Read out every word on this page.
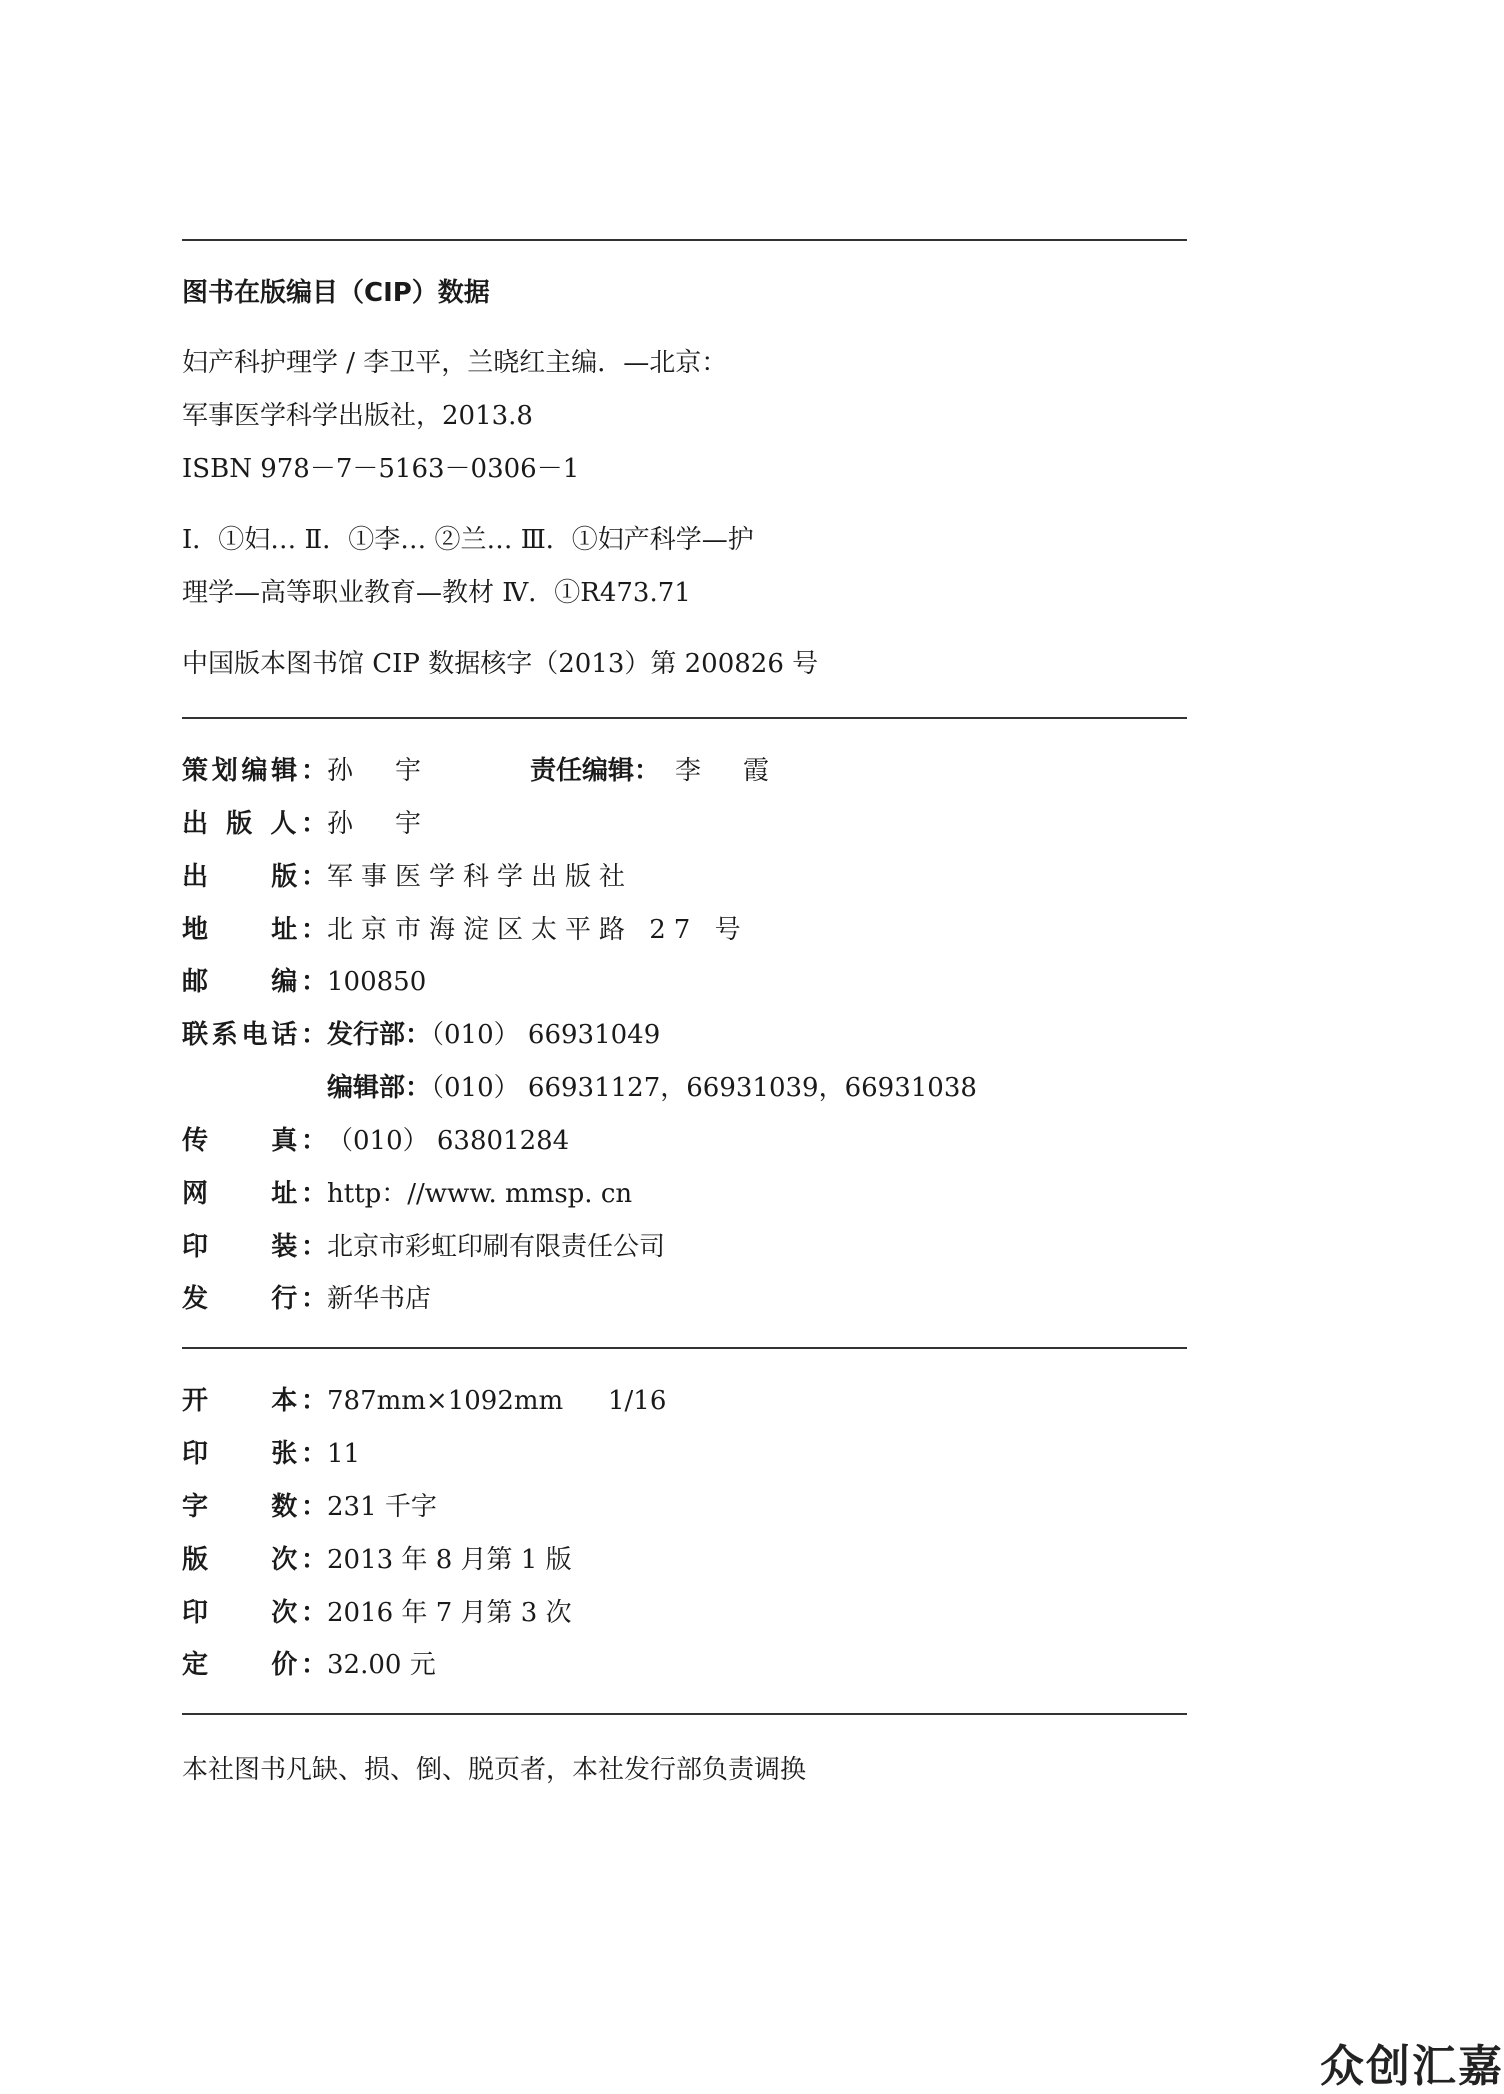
图书在版编目（CIP）数据
妇产科护理学 / 李卫平，兰晓红主编．—北京：
军事医学科学出版社，2013.8
ISBN 978－7－5163－0306－1
Ⅰ．①妇… Ⅱ．①李… ②兰… Ⅲ．①妇产科学—护
理学—高等职业教育—教材 Ⅳ．①R473.71
中国版本图书馆 CIP 数据核字（2013）第 200826 号
策划编辑： 孙　宇	责任编辑： 李　霞
出 版 人： 孙　宇
出　　版： 军事医学科学出版社
地　　址： 北京市海淀区太平路 27 号
邮　　编： 100850
联系电话： 发行部：（010） 66931049
编辑部：（010） 66931127，66931039，66931038
传　　真： （010） 63801284
网　　址： http：//www. mmsp. cn
印　　装： 北京市彩虹印刷有限责任公司
发　　行： 新华书店
开　　本： 787mm×1092mm 1/16
印　　张： 11
字　　数： 231 千字
版　　次： 2013 年 8 月第 1 版
印　　次： 2016 年 7 月第 3 次
定　　价： 32.00 元
本社图书凡缺、损、倒、脱页者，本社发行部负责调换
众创汇嘉
